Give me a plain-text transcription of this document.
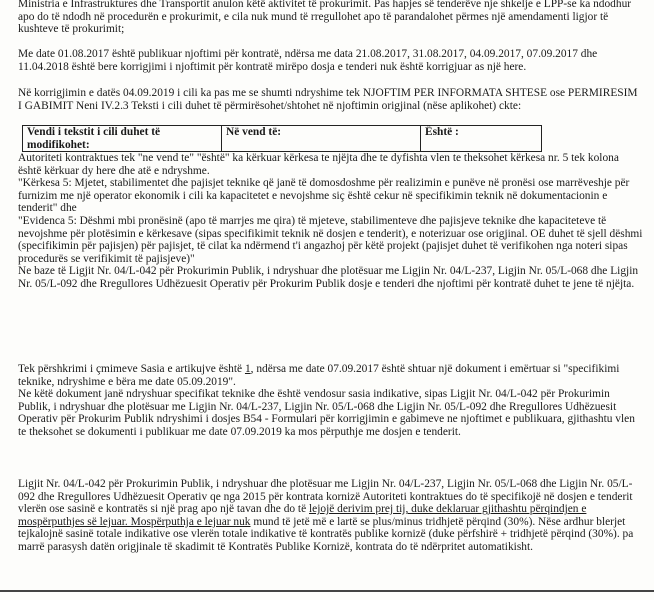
Ministria e Infrastruktures dhe Transportit anulon këtë aktivitet të prokurimit. Pas hapjes së tenderëve nje shkelje e LPP-se ka ndodhur apo do të ndodh në procedurën e prokurimit, e cila nuk mund të rregullohet apo të parandalohet përmes një amendamenti ligjor të kushteve të prokurimit;

Me date 01.08.2017 është publikuar njoftimi për kontratë, ndërsa me data 21.08.2017, 31.08.2017, 04.09.2017, 07.09.2017 dhe 11.04.2018 është bere korrigjimi i njoftimit për kontratë mirëpo dosja e tenderi nuk është korrigjuar as një here.

Në korrigjimin e datës 04.09.2019 i cili ka pas me se shumti ndryshime tek NJOFTIM PER INFORMATA SHTESE ose PERMIRESIM I GABIMIT Neni IV.2.3 Teksti i cili duhet të përmirësohet/shtohet në njoftimin origjinal (nëse aplikohet) ckte:

Vendi i tekstit i cili duhet të modifikohet:	Në vend të:	Është :

Autoriteti kontraktues tek "ne vend te" "është" ka kërkuar kërkesa te njëjta dhe te dyfishta vlen te theksohet kërkesa nr. 5 tek kolona është kërkuar dy here dhe atë e ndryshme.

"Kërkesa 5: Mjetet, stabilimentet dhe pajisjet teknike që janë të domosdoshme për realizimin e punëve në pronësi ose marrëveshje për furnizim me një operator ekonomik i cili ka kapacitetet e nevojshme siç është cekur në specifikimin teknik në dokumentacionin e tenderit" dhe

"Evidenca 5: Dëshmi mbi pronësinë (apo të marrjes me qira) të mjeteve, stabilimenteve dhe pajisjeve teknike dhe kapaciteteve të nevojshme për plotësimin e kërkesave (sipas specifikimit teknik në dosjen e tenderit), e noterizuar ose origjinal. OE duhet të sjell dëshmi (specifikimin për pajisjen) për pajisjet, të cilat ka ndërmend t'i angazhoj për këtë projekt (pajisjet duhet të verifikohen nga noteri sipas procedurës se verifikimit të pajisjeve)"

Ne baze të Ligjit Nr. 04/L-042 për Prokurimin Publik, i ndryshuar dhe plotësuar me Ligjin Nr. 04/L-237, Ligjin Nr. 05/L-068 dhe Ligjin Nr. 05/L-092 dhe Rregullores Udhëzuesit Operativ për Prokurim Publik dosje e tenderi dhe njoftimi për kontratë duhet te jene të njëjta.

Tek përshkrimi i çmimeve Sasia e artikujve është 1, ndërsa me date 07.09.2017 është shtuar një dokument i emërtuar si "specifikimi teknike, ndryshime e bëra me date 05.09.2019".

Ne këtë dokument janë ndryshuar specifikat teknike dhe është vendosur sasia indikative, sipas Ligjit Nr. 04/L-042 për Prokurimin Publik, i ndryshuar dhe plotësuar me Ligjin Nr. 04/L-237, Ligjin Nr. 05/L-068 dhe Ligjin Nr. 05/L-092 dhe Rregullores Udhëzuesit Operativ për Prokurim Publik ndryshimi i dosjes B54 - Formulari për korrigjimin e gabimeve ne njoftimet e publikuara, gjithashtu vlen te theksohet se dokumenti i publikuar me date 07.09.2019 ka mos përputhje me dosjen e tenderit.

Ligjit Nr. 04/L-042 për Prokurimin Publik, i ndryshuar dhe plotësuar me Ligjin Nr. 04/L-237, Ligjin Nr. 05/L-068 dhe Ligjin Nr. 05/L-092 dhe Rregullores Udhëzuesit Operativ qe nga 2015 për kontrata kornizë Autoriteti kontraktues do të specifikojë në dosjen e tenderit vlerën ose sasinë e kontratës si një prag apo një tavan dhe do të lejojë derivim prej tij, duke deklaruar gjithashtu përqindjen e mospërputhjes së lejuar. Mospërputhja e lejuar nuk mund të jetë më e lartë se plus/minus tridhjetë përqind (30%). Nëse ardhur blerjet tejkalojnë sasinë totale indikative ose vlerën totale indikative të kontratës publike kornizë (duke përfshirë + tridhjetë përqind (30%). pa marrë parasysh datën origjinale të skadimit të Kontratës Publike Kornizë, kontrata do të ndërpritet automatikisht.
